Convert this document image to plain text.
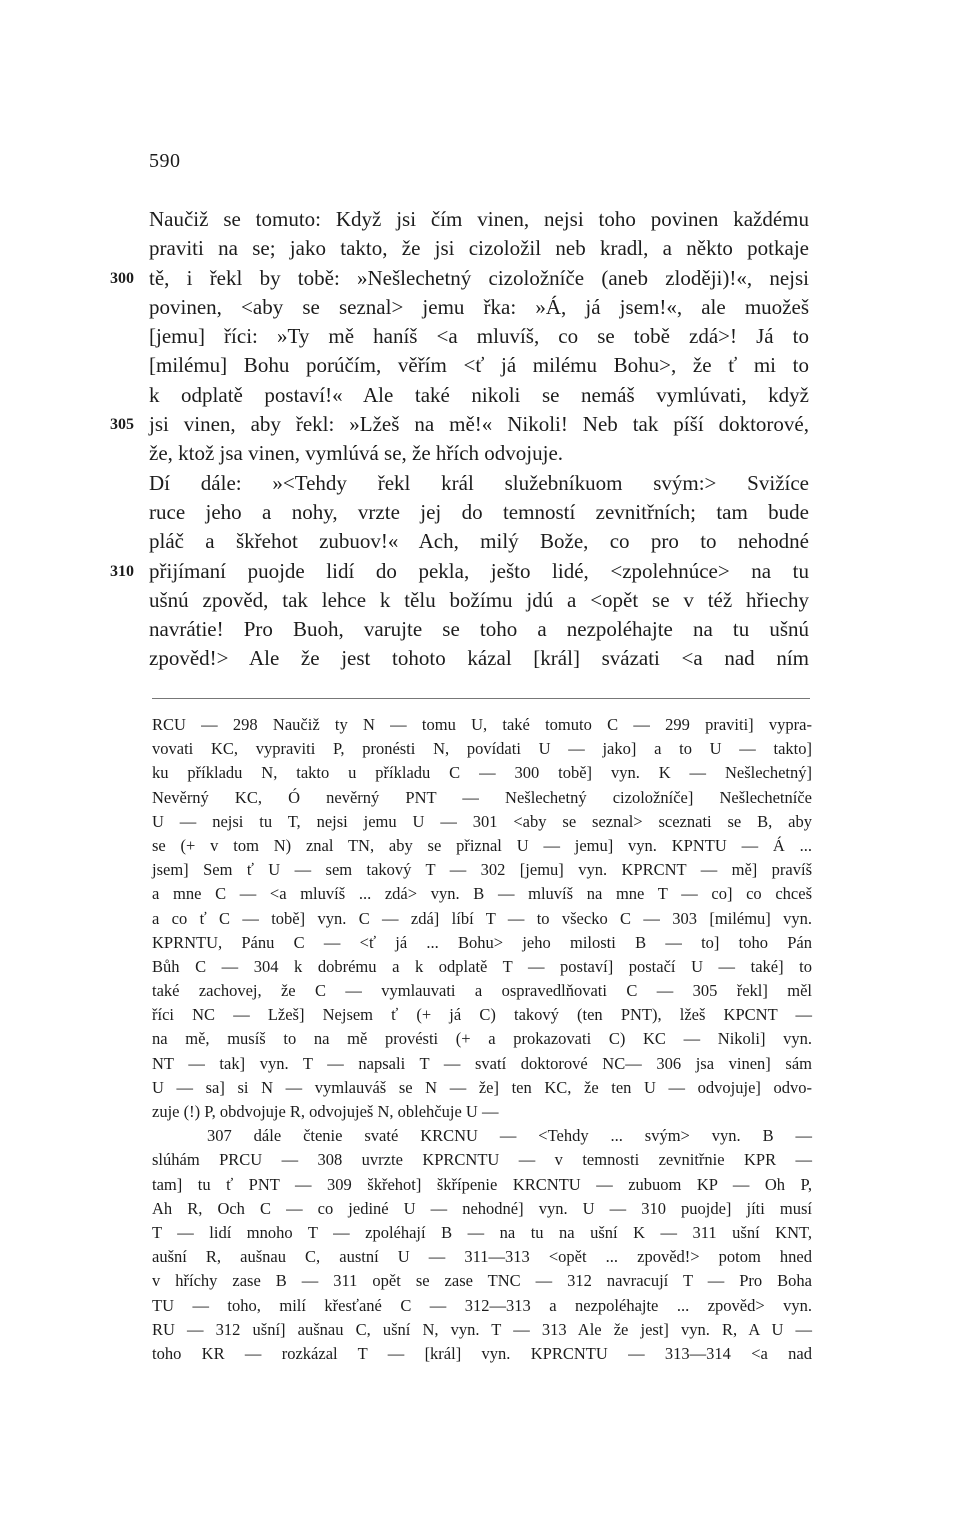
590
Naučiž se tomuto: Když jsi čím vinen, nejsi toho povinen každému
praviti na se; jako takto, že jsi cizoložil neb kradl, a někto potkaje
300 tě, i řekl by tobě: »Nešlechetný cizoložníče (aneb zloději)!«, nejsi
povinen, <aby se seznal> jemu řka: »Á, já jsem!«, ale muožeš
[jemu] říci: »Ty mě haníš <a mluvíš, co se tobě zdá>! Já to
[milému] Bohu porúčím, věřím <ť já milému Bohu>, že ť mi to
k odplatě postaví!« Ale také nikoli se nemáš vymlúvati, když
305 jsi vinen, aby řekl: »Lžeš na mě!« Nikoli! Neb tak píší doktorové,
že, ktož jsa vinen, vymlúvá se, že hřích odvojuje.
Dí dále: »<Tehdy řekl král služebníkuom svým:> Svižíce
ruce jeho a nohy, vrzte jej do temností zevnitřních; tam bude
pláč a škřehot zubuov!« Ach, milý Bože, co pro to nehodné
310 přijímaní puojde lidí do pekla, ješto lidé, <zpolehnúce> na tu
ušnú zpověd, tak lehce k tělu božímu jdú a <opět se v též hřiechy
navrátie! Pro Buoh, varujte se toho a nezpoléhajte na tu ušnú
zpověd!> Ale že jest tohoto kázal [král] svázati <a nad ním
RCU — 298 Naučiž ty N — tomu U, také tomuto C — 299 praviti] vypra-
vovati KC, vypraviti P, pronésti N, povídati U — jako] a to U — takto]
ku příkladu N, takto u příkladu C — 300 tobě] vyn. K — Nešlechetný]
Nevěrný KC, Ó nevěrný PNT — Nešlechetný cizoložníče] Nešlechetníče
U — nejsi tu T, nejsi jemu U — 301 <aby se seznal> sceznati se B, aby
se (+ v tom N) znal TN, aby se přiznal U — jemu] vyn. KPNTU — Á ...
jsem] Sem ť U — sem takový T — 302 [jemu] vyn. KPRCNT — mě] pravíš
a mne C — <a mluvíš ... zdá> vyn. B — mluvíš na mne T — co] co chceš
a co ť C — tobě] vyn. C — zdá] líbí T — to všecko C — 303 [milému] vyn.
KPRNTU, Pánu C — <ť já ... Bohu> jeho milosti B — to] toho Pán
Bůh C — 304 k dobrému a k odplatě T — postaví] postačí U — také] to
také zachovej, že C — vymlauvati a ospravedlňovati C — 305 řekl] měl
říci NC — Lžeš] Nejsem ť (+ já C) takový (ten PNT), lžeš KPCNT —
na mě, musíš to na mě provésti (+ a prokazovati C) KC — Nikoli] vyn.
NT — tak] vyn. T — napsali T — svatí doktorové NC— 306 jsa vinen] sám
U — sa] si N — vymlauváš se N — že] ten KC, že ten U — odvojuje] odvo-
zuje (!) P, obdvojuje R, odvojuješ N, oblehčuje U —
307 dále čtenie svaté KRCNU — <Tehdy ... svým> vyn. B —
slúhám PRCU — 308 uvrzte KPRCNTU — v temnosti zevnitřnie KPR —
tam] tu ť PNT — 309 škřehot] škřípenie KRCNTU — zubuom KP — Oh P,
Ah R, Och C — co jediné U — nehodné] vyn. U — 310 puojde] jíti musí
T — lidí mnoho T — zpoléhají B — na tu na ušní K — 311 ušní KNT,
aušní R, aušnau C, austní U — 311—313 <opět ... zpověd!> potom hned
v hříchy zase B — 311 opět se zase TNC — 312 navracují T — Pro Boha
TU — toho, milí křesťané C — 312—313 a nezpoléhajte ... zpověd> vyn.
RU — 312 ušní] aušnau C, ušní N, vyn. T — 313 Ale že jest] vyn. R, A U —
toho KR — rozkázal T — [král] vyn. KPRCNTU — 313—314 <a nad
